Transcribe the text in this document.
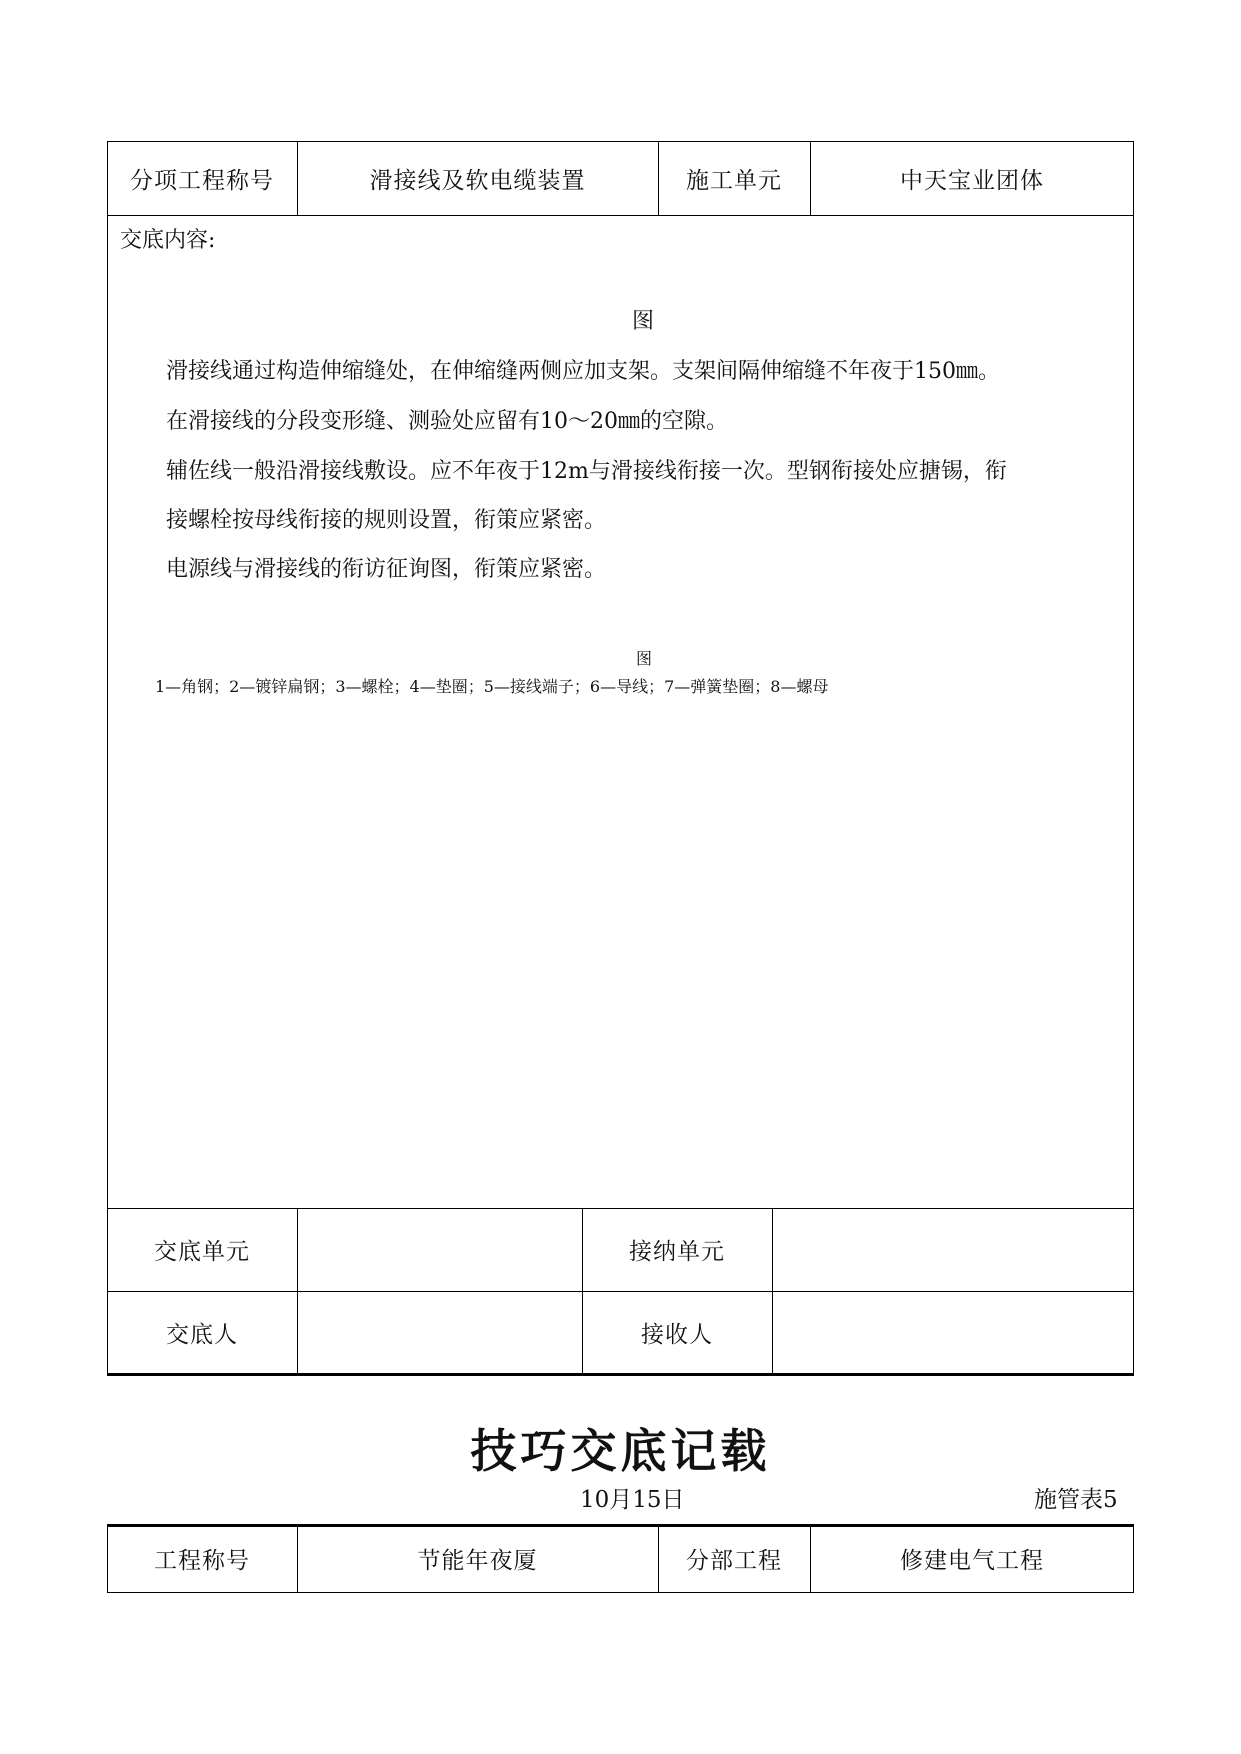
分项工程称号	滑接线及软电缆装置	施工单元	中天宝业团体
交底内容:
图
滑接线通过构造伸缩缝处，在伸缩缝两侧应加支架。支架间隔伸缩缝不年夜于150㎜。
在滑接线的分段变形缝、测验处应留有10～20㎜的空隙。
辅佐线一般沿滑接线敷设。应不年夜于12m与滑接线衔接一次。型钢衔接处应搪锡，衔
接螺栓按母线衔接的规则设置，衔策应紧密。
电源线与滑接线的衔访征询图，衔策应紧密。
图
1—角钢；2—镀锌扁钢；3—螺栓；4—垫圈；5—接线端子；6—导线；7—弹簧垫圈；8—螺母
交底单元	接纳单元
交底人	接收人
技巧交底记载
10月15日	施管表5
工程称号	节能年夜厦	分部工程	修建电气工程
